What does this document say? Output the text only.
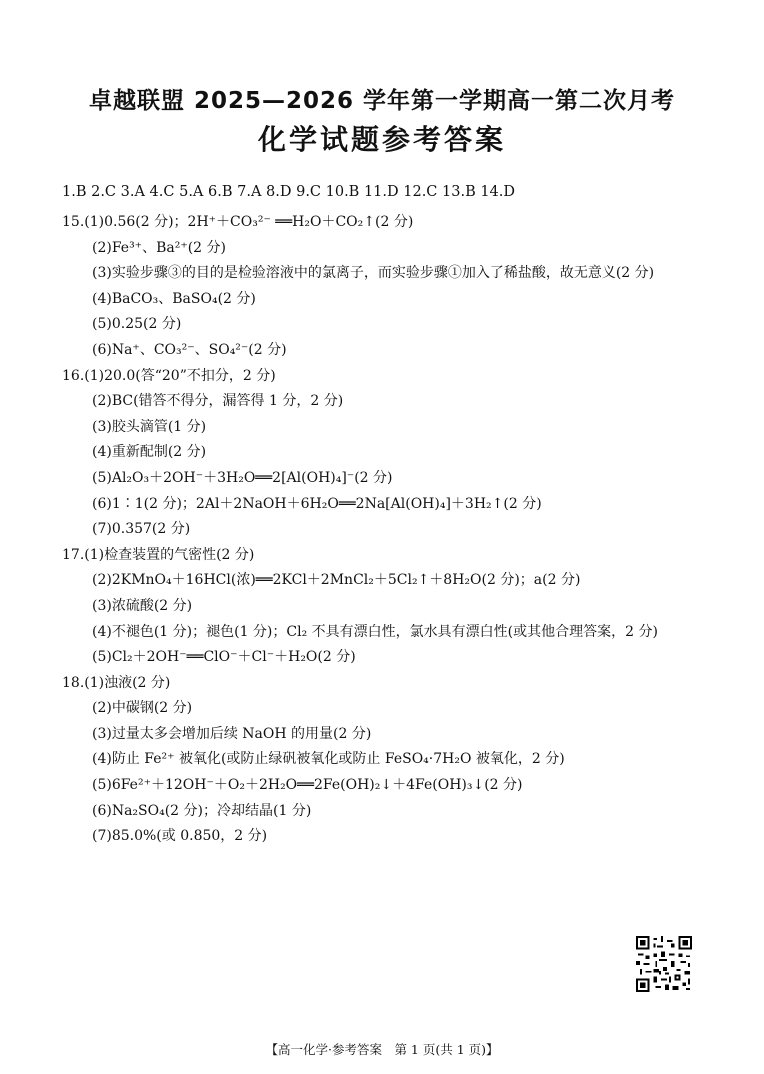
卓越联盟 2025—2026 学年第一学期高一第二次月考
化学试题参考答案
1.B 2.C 3.A 4.C 5.A 6.B 7.A 8.D 9.C 10.B 11.D 12.C 13.B 14.D
15.(1)0.56(2 分)；2H⁺＋CO₃²⁻ ══H₂O＋CO₂↑(2 分)
(2)Fe³⁺、Ba²⁺(2 分)
(3)实验步骤③的目的是检验溶液中的氯离子，而实验步骤①加入了稀盐酸，故无意义(2 分)
(4)BaCO₃、BaSO₄(2 分)
(5)0.25(2 分)
(6)Na⁺、CO₃²⁻、SO₄²⁻(2 分)
16.(1)20.0(答“20”不扣分，2 分)
(2)BC(错答不得分，漏答得 1 分，2 分)
(3)胶头滴管(1 分)
(4)重新配制(2 分)
(5)Al₂O₃＋2OH⁻＋3H₂O══2[Al(OH)₄]⁻(2 分)
(6)1∶1(2 分)；2Al＋2NaOH＋6H₂O══2Na[Al(OH)₄]＋3H₂↑(2 分)
(7)0.357(2 分)
17.(1)检查装置的气密性(2 分)
(2)2KMnO₄＋16HCl(浓)══2KCl＋2MnCl₂＋5Cl₂↑＋8H₂O(2 分)；a(2 分)
(3)浓硫酸(2 分)
(4)不褪色(1 分)；褪色(1 分)；Cl₂ 不具有漂白性，氯水具有漂白性(或其他合理答案，2 分)
(5)Cl₂＋2OH⁻══ClO⁻＋Cl⁻＋H₂O(2 分)
18.(1)浊液(2 分)
(2)中碳钢(2 分)
(3)过量太多会增加后续 NaOH 的用量(2 分)
(4)防止 Fe²⁺ 被氧化(或防止绿矾被氧化或防止 FeSO₄·7H₂O 被氧化，2 分)
(5)6Fe²⁺＋12OH⁻＋O₂＋2H₂O══2Fe(OH)₂↓＋4Fe(OH)₃↓(2 分)
(6)Na₂SO₄(2 分)；冷却结晶(1 分)
(7)85.0%(或 0.850，2 分)
【高一化学·参考答案　第 1 页(共 1 页)】
